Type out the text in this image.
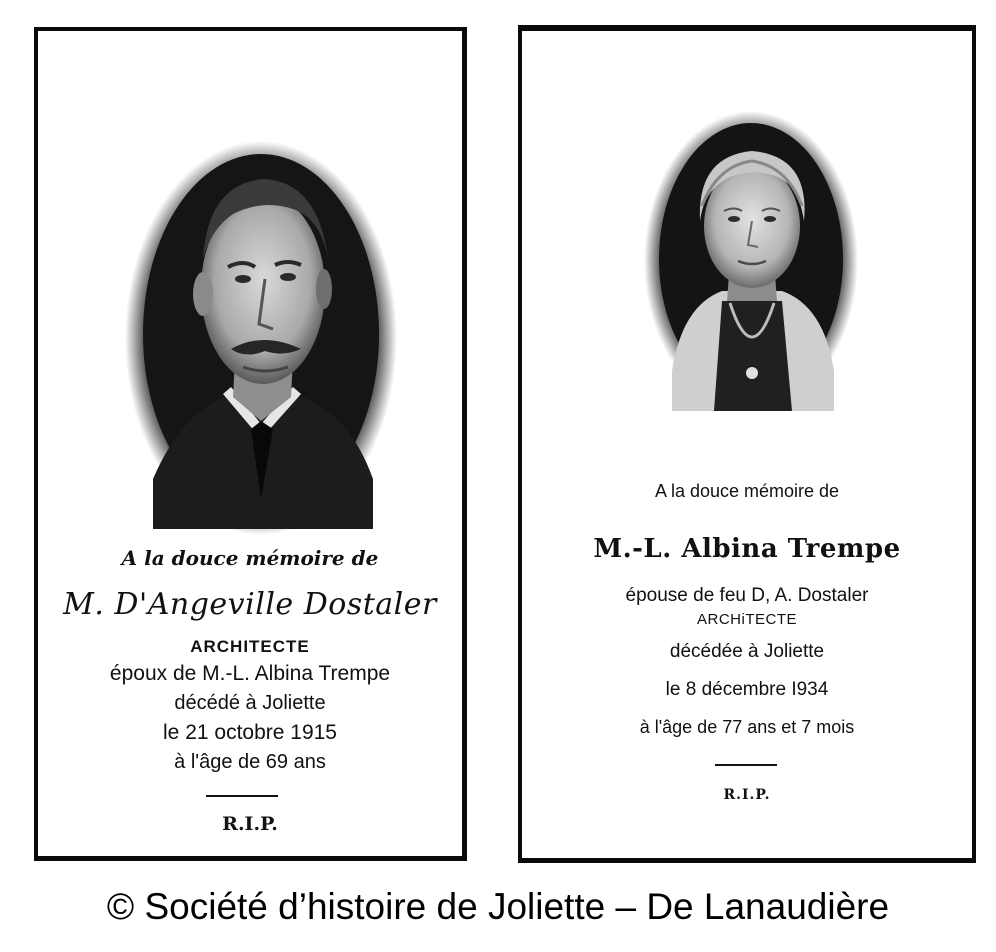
A la douce mémoire de
M. D'Angeville Dostaler
ARCHITECTE
époux de M.-L. Albina Trempe
décédé à Joliette
le 21 octobre 1915
à l'âge de 69 ans
R.I.P.
A la douce mémoire de
M.-L. Albina Trempe
épouse de feu D, A. Dostaler
ARCHiTECTE
décédée à Joliette
le 8 décembre I934
à l'âge de 77 ans et 7 mois
R.I.P.
© Société d’histoire de Joliette – De Lanaudière
